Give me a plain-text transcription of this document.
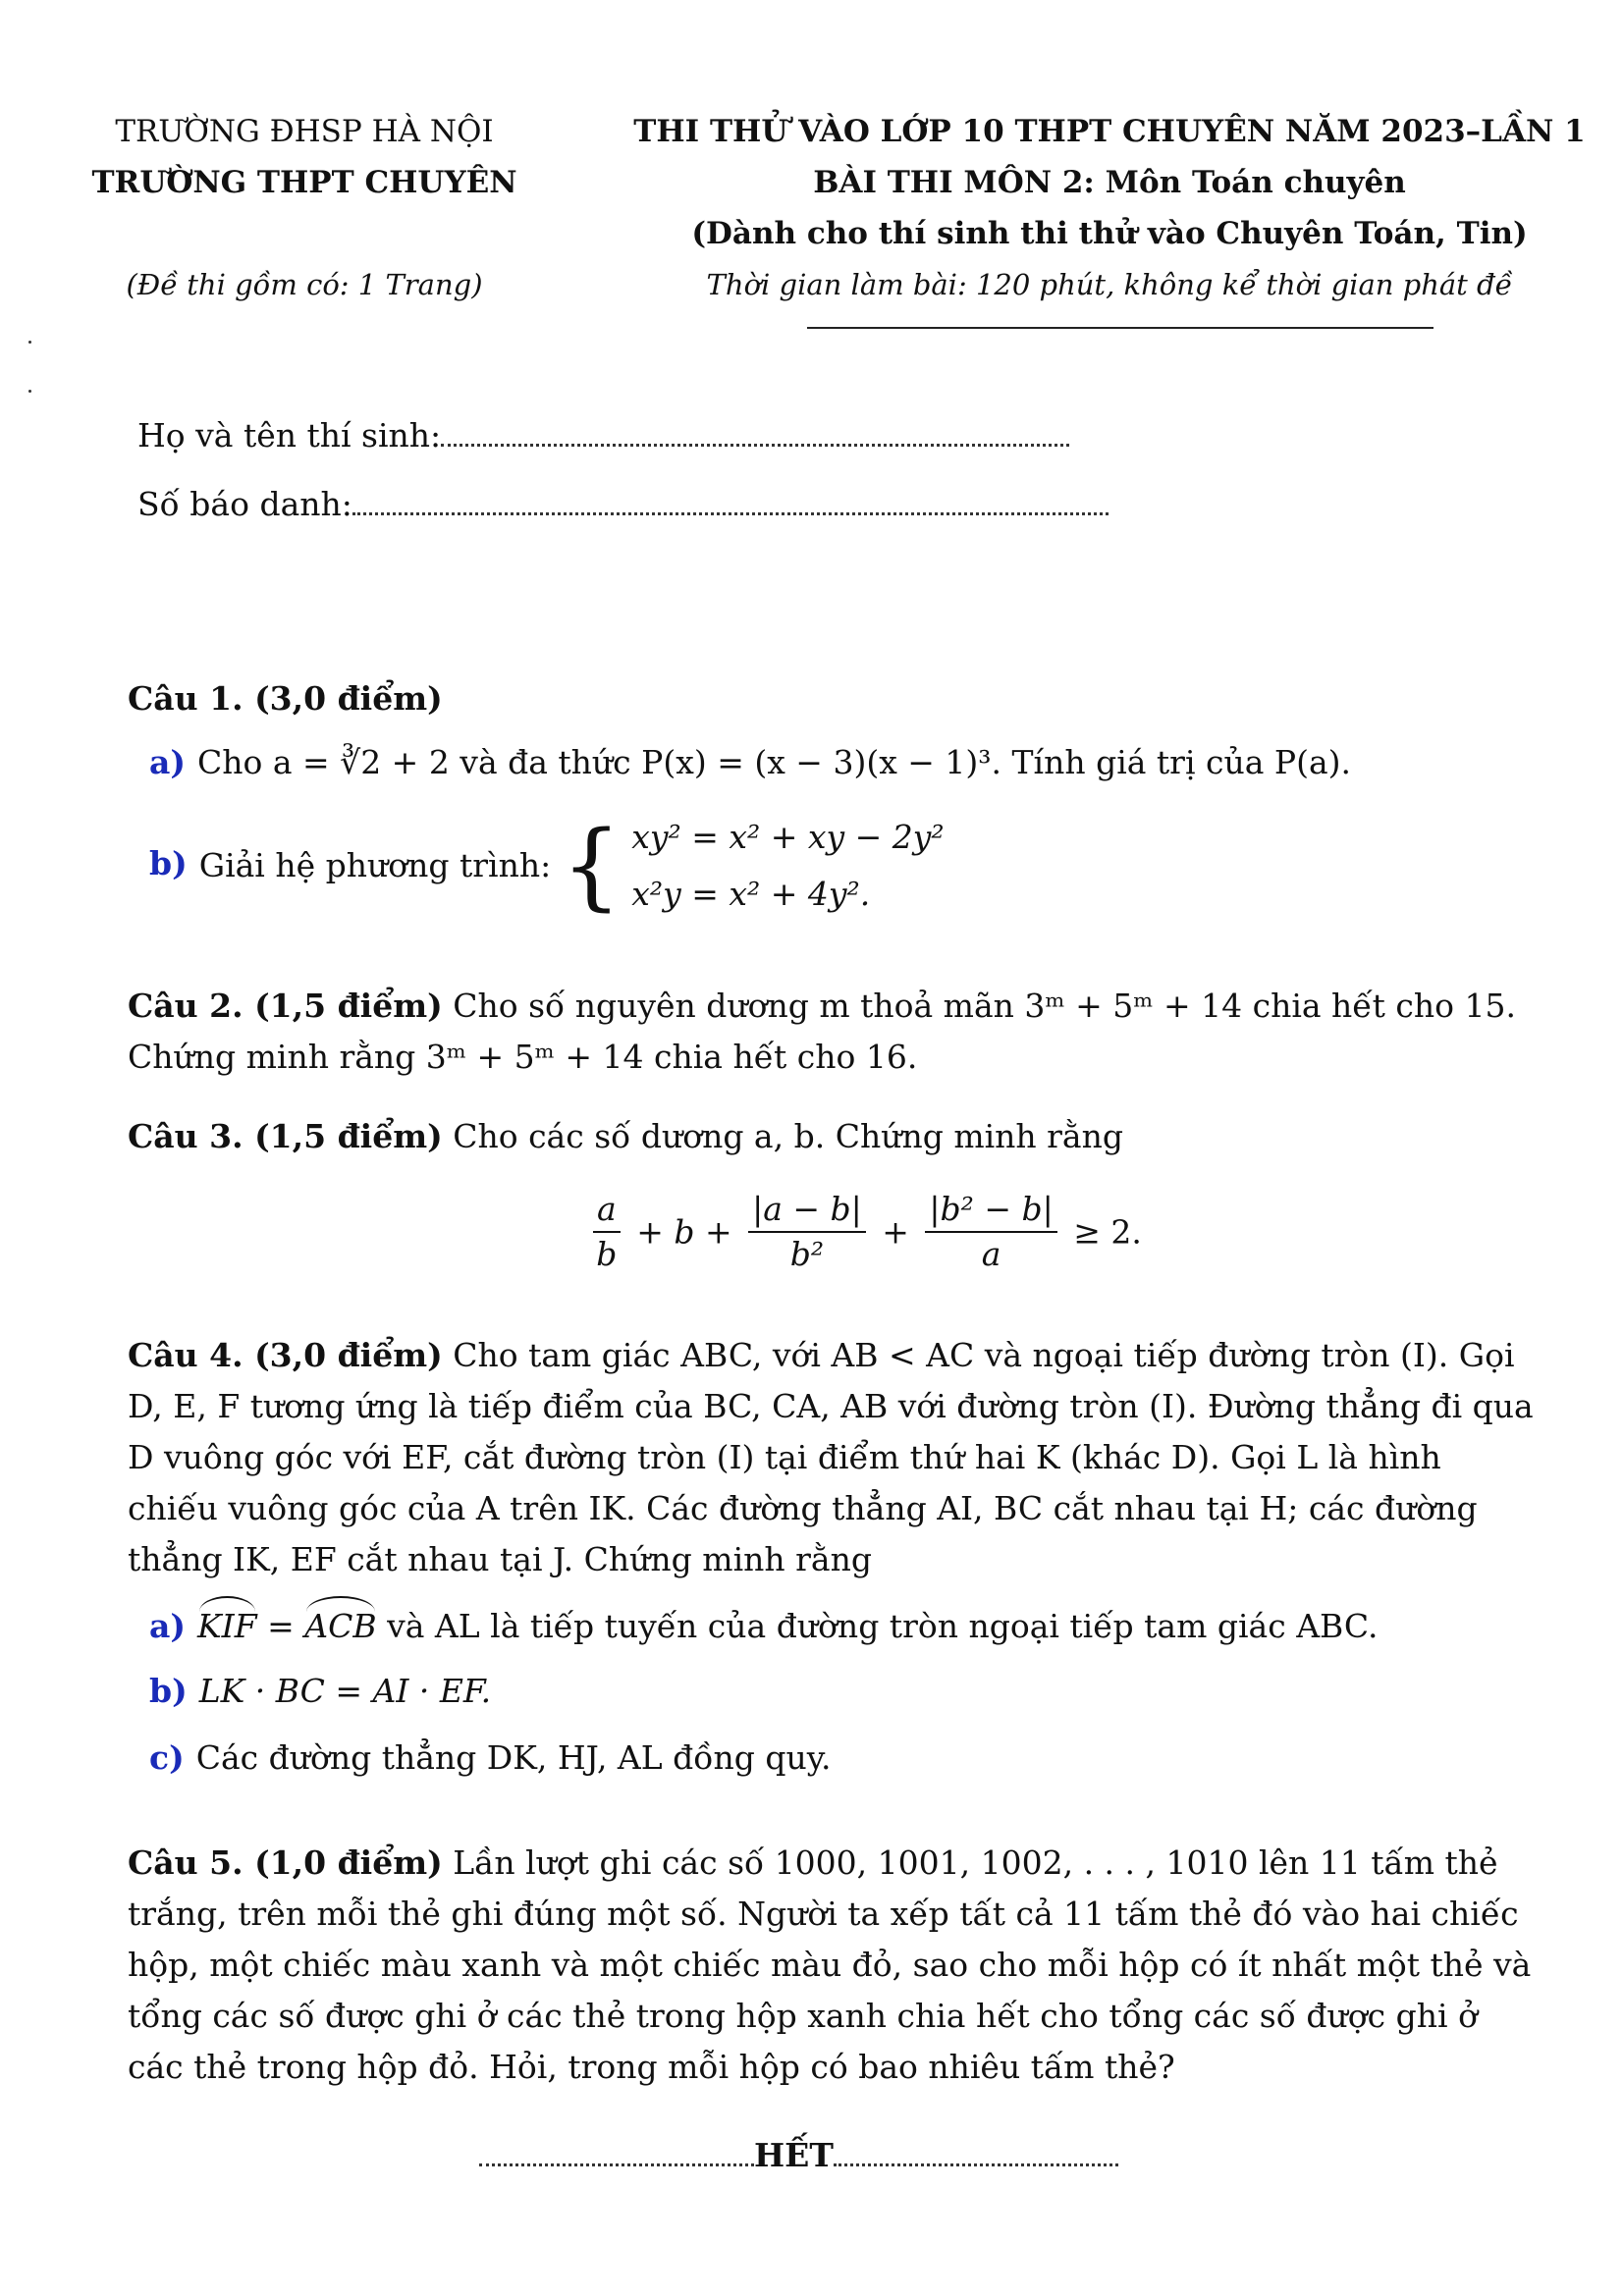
TRƯỜNG ĐHSP HÀ NỘI
TRƯỜNG THPT CHUYÊN

(Đề thi gồm có: 1 Trang)
THI THỬ VÀO LỚP 10 THPT CHUYÊN NĂM 2023–LẦN 1
BÀI THI MÔN 2: Môn Toán chuyên
(Dành cho thí sinh thi thử vào Chuyên Toán, Tin)
Thời gian làm bài: 120 phút, không kể thời gian phát đề
Họ và tên thí sinh:
Số báo danh:
Câu 1. (3,0 điểm)
a) Cho a = ∛2 + 2 và đa thức P(x) = (x − 3)(x − 1)³. Tính giá trị của P(a).
b) Giải hệ phương trình: { xy² = x² + xy − 2y²
x²y = x² + 4y².
Câu 2. (1,5 điểm) Cho số nguyên dương m thoả mãn 3ᵐ + 5ᵐ + 14 chia hết cho 15. Chứng minh rằng 3ᵐ + 5ᵐ + 14 chia hết cho 16.
Câu 3. (1,5 điểm) Cho các số dương a, b. Chứng minh rằng
$\frac{a}{b} + b + \frac{|a - b|}{\text{b²}} + \frac{\text{|b² − b|}}{a} \ge 2$.
Câu 4. (3,0 điểm) Cho tam giác ABC, với AB < AC và ngoại tiếp đường tròn (I). Gọi D, E, F tương ứng là tiếp điểm của BC, CA, AB với đường tròn (I). Đường thẳng đi qua D vuông góc với EF, cắt đường tròn (I) tại điểm thứ hai K (khác D). Gọi L là hình chiếu vuông góc của A trên IK. Các đường thẳng AI, BC cắt nhau tại H; các đường thẳng IK, EF cắt nhau tại J. Chứng minh rằng
a) KIF = ACB và AL là tiếp tuyến của đường tròn ngoại tiếp tam giác ABC.
b) LK · BC = AI · EF.
c) Các đường thẳng DK, HJ, AL đồng quy.
Câu 5. (1,0 điểm) Lần lượt ghi các số 1000, 1001, 1002, . . . , 1010 lên 11 tấm thẻ trắng, trên mỗi thẻ ghi đúng một số. Người ta xếp tất cả 11 tấm thẻ đó vào hai chiếc hộp, một chiếc màu xanh và một chiếc màu đỏ, sao cho mỗi hộp có ít nhất một thẻ và tổng các số được ghi ở các thẻ trong hộp xanh chia hết cho tổng các số được ghi ở các thẻ trong hộp đỏ. Hỏi, trong mỗi hộp có bao nhiêu tấm thẻ?
HẾT
